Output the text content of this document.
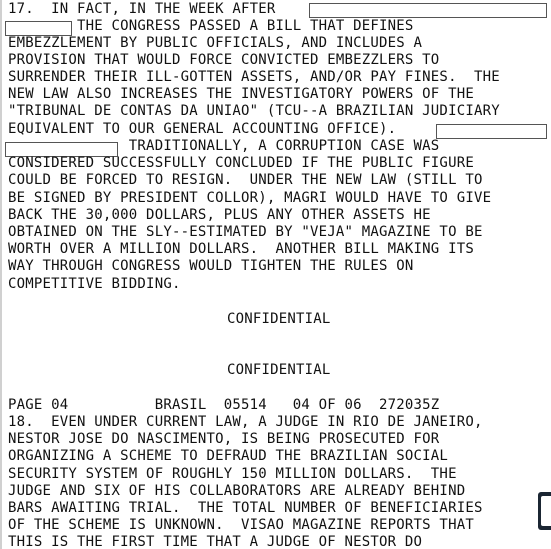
17.  IN FACT, IN THE WEEK AFTER
THE CONGRESS PASSED A BILL THAT DEFINES
EMBEZZLEMENT BY PUBLIC OFFICIALS, AND INCLUDES A
PROVISION THAT WOULD FORCE CONVICTED EMBEZZLERS TO
SURRENDER THEIR ILL-GOTTEN ASSETS, AND/OR PAY FINES.  THE
NEW LAW ALSO INCREASES THE INVESTIGATORY POWERS OF THE
"TRIBUNAL DE CONTAS DA UNIAO" (TCU--A BRAZILIAN JUDICIARY
EQUIVALENT TO OUR GENERAL ACCOUNTING OFFICE).
TRADITIONALLY, A CORRUPTION CASE WAS
CONSIDERED SUCCESSFULLY CONCLUDED IF THE PUBLIC FIGURE
COULD BE FORCED TO RESIGN.  UNDER THE NEW LAW (STILL TO
BE SIGNED BY PRESIDENT COLLOR), MAGRI WOULD HAVE TO GIVE
BACK THE 30,000 DOLLARS, PLUS ANY OTHER ASSETS HE
OBTAINED ON THE SLY--ESTIMATED BY "VEJA" MAGAZINE TO BE
WORTH OVER A MILLION DOLLARS.  ANOTHER BILL MAKING ITS
WAY THROUGH CONGRESS WOULD TIGHTEN THE RULES ON
COMPETITIVE BIDDING.
CONFIDENTIAL
CONFIDENTIAL
PAGE 04          BRASIL  05514   04 OF 06  272035Z
18.  EVEN UNDER CURRENT LAW, A JUDGE IN RIO DE JANEIRO,
NESTOR JOSE DO NASCIMENTO, IS BEING PROSECUTED FOR
ORGANIZING A SCHEME TO DEFRAUD THE BRAZILIAN SOCIAL
SECURITY SYSTEM OF ROUGHLY 150 MILLION DOLLARS.  THE
JUDGE AND SIX OF HIS COLLABORATORS ARE ALREADY BEHIND
BARS AWAITING TRIAL.  THE TOTAL NUMBER OF BENEFICIARIES
OF THE SCHEME IS UNKNOWN.  VISAO MAGAZINE REPORTS THAT
THIS IS THE FIRST TIME THAT A JUDGE OF NESTOR DO
